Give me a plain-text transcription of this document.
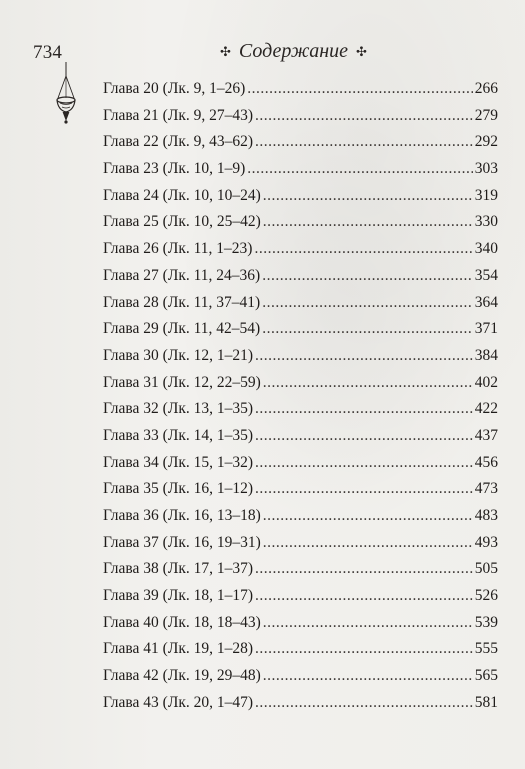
734	✣ Содержание ✣
Глава 20 (Лк. 9, 1–26) .....	266
Глава 21 (Лк. 9, 27–43) .....	279
Глава 22 (Лк. 9, 43–62) .....	292
Глава 23 (Лк. 10, 1–9) .....	303
Глава 24 (Лк. 10, 10–24) .....	319
Глава 25 (Лк. 10, 25–42) .....	330
Глава 26 (Лк. 11, 1–23) .....	340
Глава 27 (Лк. 11, 24–36) .....	354
Глава 28 (Лк. 11, 37–41) .....	364
Глава 29 (Лк. 11, 42–54) .....	371
Глава 30 (Лк. 12, 1–21) .....	384
Глава 31 (Лк. 12, 22–59) .....	402
Глава 32 (Лк. 13, 1–35) .....	422
Глава 33 (Лк. 14, 1–35) .....	437
Глава 34 (Лк. 15, 1–32) .....	456
Глава 35 (Лк. 16, 1–12) .....	473
Глава 36 (Лк. 16, 13–18) .....	483
Глава 37 (Лк. 16, 19–31) .....	493
Глава 38 (Лк. 17, 1–37) .....	505
Глава 39 (Лк. 18, 1–17) .....	526
Глава 40 (Лк. 18, 18–43) .....	539
Глава 41 (Лк. 19, 1–28) .....	555
Глава 42 (Лк. 19, 29–48) .....	565
Глава 43 (Лк. 20, 1–47) .....	581
